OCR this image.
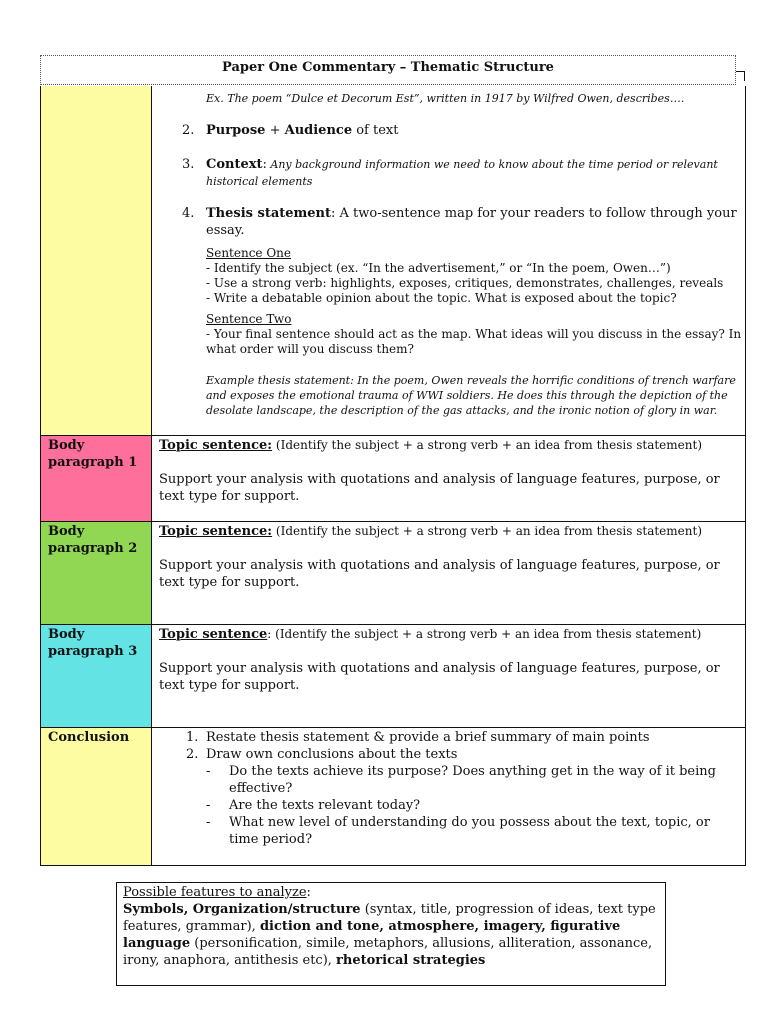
Paper One Commentary – Thematic Structure
Ex. The poem “Dulce et Decorum Est”, written in 1917 by Wilfred Owen, describes….
2. Purpose + Audience of text
3. Context: Any background information we need to know about the time period or relevant
historical elements
4. Thesis statement: A two-sentence map for your readers to follow through your
essay.
Sentence One
- Identify the subject (ex. “In the advertisement,” or “In the poem, Owen…”)
- Use a strong verb: highlights, exposes, critiques, demonstrates, challenges, reveals
- Write a debatable opinion about the topic. What is exposed about the topic?
Sentence Two
- Your final sentence should act as the map. What ideas will you discuss in the essay? In
what order will you discuss them?
Example thesis statement: In the poem, Owen reveals the horrific conditions of trench warfare
and exposes the emotional trauma of WWI soldiers. He does this through the depiction of the
desolate landscape, the description of the gas attacks, and the ironic notion of glory in war.
Body
paragraph 1
Topic sentence: (Identify the subject + a strong verb + an idea from thesis statement)
Support your analysis with quotations and analysis of language features, purpose, or
text type for support.
Body
paragraph 2
Topic sentence: (Identify the subject + a strong verb + an idea from thesis statement)
Support your analysis with quotations and analysis of language features, purpose, or
text type for support.
Body
paragraph 3
Topic sentence: (Identify the subject + a strong verb + an idea from thesis statement)
Support your analysis with quotations and analysis of language features, purpose, or
text type for support.
Conclusion	1. Restate thesis statement & provide a brief summary of main points
2. Draw own conclusions about the texts
- Do the texts achieve its purpose? Does anything get in the way of it being
effective?
- Are the texts relevant today?
- What new level of understanding do you possess about the text, topic, or
time period?
Possible features to analyze:
Symbols, Organization/structure (syntax, title, progression of ideas, text type
features, grammar), diction and tone, atmosphere, imagery, figurative
language (personification, simile, metaphors, allusions, alliteration, assonance,
irony, anaphora, antithesis etc), rhetorical strategies
